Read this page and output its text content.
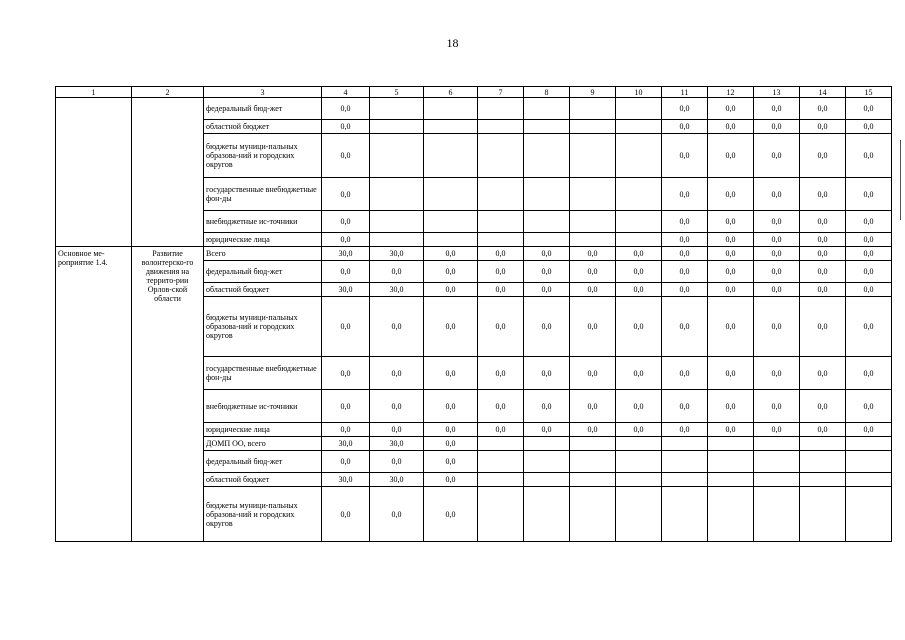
18
1	2	3	4	5	6	7	8	9	10	11	12	13	14	15
		федеральный бюд-жет	0,0							0,0	0,0	0,0	0,0	0,0
		областной бюджет	0,0							0,0	0,0	0,0	0,0	0,0
		бюджеты муници-пальных образова-ний и городских округов	0,0							0,0	0,0	0,0	0,0	0,0
		государственные внебюджетные фон-ды	0,0							0,0	0,0	0,0	0,0	0,0
		внебюджетные ис-точники	0,0							0,0	0,0	0,0	0,0	0,0
		юридические лица	0,0							0,0	0,0	0,0	0,0	0,0
Основное ме-роприятие 1.4.	Развитие волонтерско-го движения на террито-рии Орлов-ской области	Всего	30,0	30,0	0,0	0,0	0,0	0,0	0,0	0,0	0,0	0,0	0,0	0,0
		федеральный бюд-жет	0,0	0,0	0,0	0,0	0,0	0,0	0,0	0,0	0,0	0,0	0,0	0,0
		областной бюджет	30,0	30,0	0,0	0,0	0,0	0,0	0,0	0,0	0,0	0,0	0,0	0,0
		бюджеты муници-пальных образова-ний и городских округов	0,0	0,0	0,0	0,0	0,0	0,0	0,0	0,0	0,0	0,0	0,0	0,0
		государственные внебюджетные фон-ды	0,0	0,0	0,0	0,0	0,0	0,0	0,0	0,0	0,0	0,0	0,0	0,0
		внебюджетные ис-точники	0,0	0,0	0,0	0,0	0,0	0,0	0,0	0,0	0,0	0,0	0,0	0,0
		юридические лица	0,0	0,0	0,0	0,0	0,0	0,0	0,0	0,0	0,0	0,0	0,0	0,0
		ДОМП ОО, всего	30,0	30,0	0,0									
		федеральный бюд-жет	0,0	0,0	0,0									
		областной бюджет	30,0	30,0	0,0									
		бюджеты муници-пальных образова-ний и городских округов	0,0	0,0	0,0									
